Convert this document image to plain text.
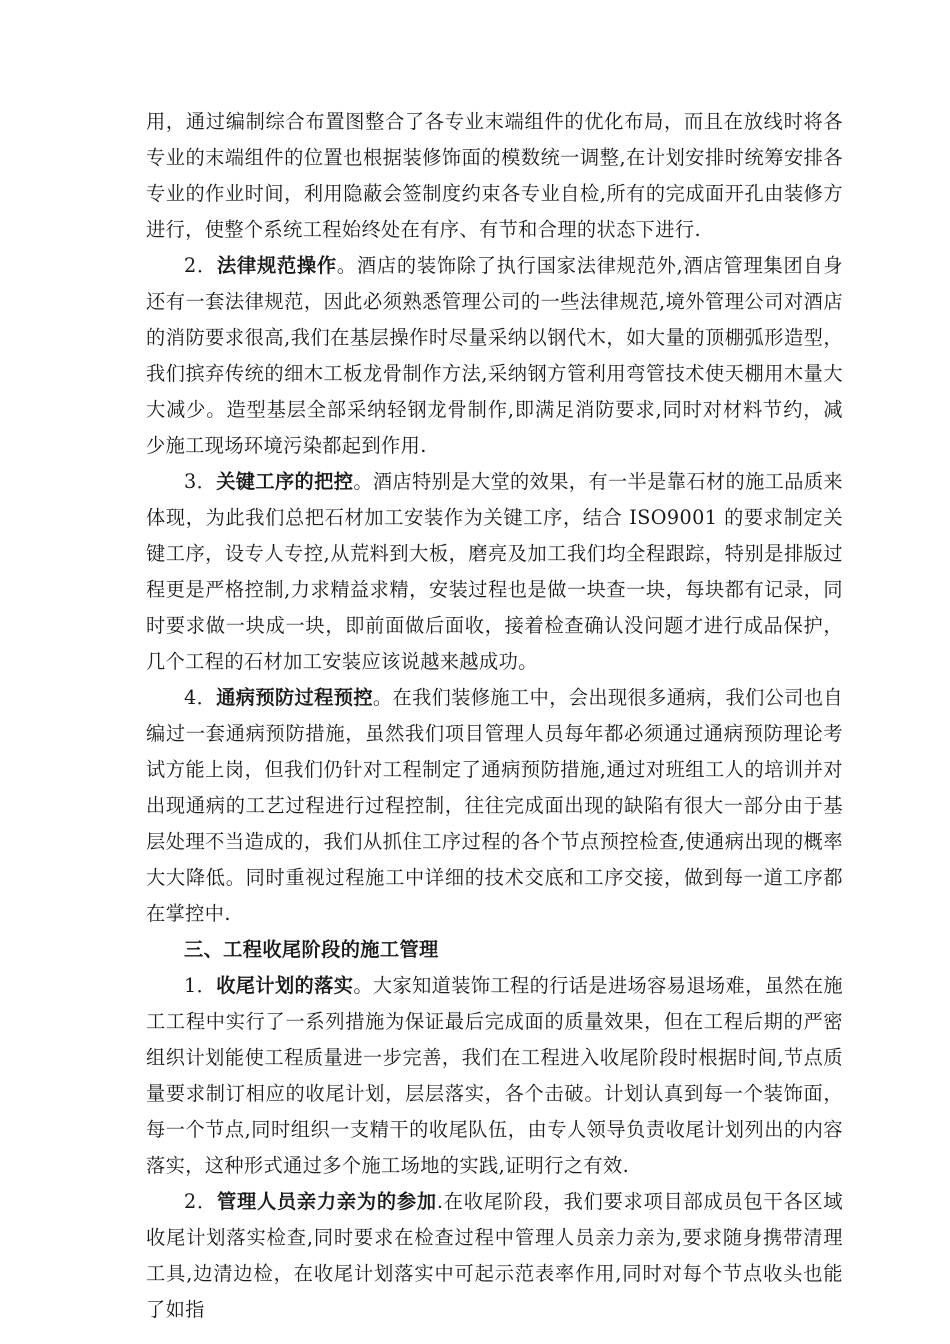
用，通过编制综合布置图整合了各专业末端组件的优化布局，而且在放线时将各专业的末端组件的位置也根据装修饰面的模数统一调整,在计划安排时统筹安排各专业的作业时间，利用隐蔽会签制度约束各专业自检,所有的完成面开孔由装修方进行，使整个系统工程始终处在有序、有节和合理的状态下进行.

2．法律规范操作。酒店的装饰除了执行国家法律规范外,酒店管理集团自身还有一套法律规范，因此必须熟悉管理公司的一些法律规范,境外管理公司对酒店的消防要求很高,我们在基层操作时尽量采纳以钢代木，如大量的顶棚弧形造型，我们摈弃传统的细木工板龙骨制作方法,采纳钢方管利用弯管技术使天棚用木量大大减少。造型基层全部采纳轻钢龙骨制作,即满足消防要求,同时对材料节约，减少施工现场环境污染都起到作用.

3．关键工序的把控。酒店特别是大堂的效果，有一半是靠石材的施工品质来体现，为此我们总把石材加工安装作为关键工序，结合 ISO9001 的要求制定关键工序，设专人专控,从荒料到大板，磨亮及加工我们均全程跟踪，特别是排版过程更是严格控制,力求精益求精，安装过程也是做一块查一块，每块都有记录，同时要求做一块成一块，即前面做后面收，接着检查确认没问题才进行成品保护，几个工程的石材加工安装应该说越来越成功。

4．通病预防过程预控。在我们装修施工中，会出现很多通病，我们公司也自编过一套通病预防措施，虽然我们项目管理人员每年都必须通过通病预防理论考试方能上岗，但我们仍针对工程制定了通病预防措施,通过对班组工人的培训并对出现通病的工艺过程进行过程控制，往往完成面出现的缺陷有很大一部分由于基层处理不当造成的，我们从抓住工序过程的各个节点预控检查,使通病出现的概率大大降低。同时重视过程施工中详细的技术交底和工序交接，做到每一道工序都在掌控中.

三、工程收尾阶段的施工管理

1．收尾计划的落实。大家知道装饰工程的行话是进场容易退场难，虽然在施工工程中实行了一系列措施为保证最后完成面的质量效果，但在工程后期的严密组织计划能使工程质量进一步完善，我们在工程进入收尾阶段时根据时间,节点质量要求制订相应的收尾计划，层层落实，各个击破。计划认真到每一个装饰面，每一个节点,同时组织一支精干的收尾队伍，由专人领导负责收尾计划列出的内容落实，这种形式通过多个施工场地的实践,证明行之有效.

2．管理人员亲力亲为的参加.在收尾阶段，我们要求项目部成员包干各区域收尾计划落实检查,同时要求在检查过程中管理人员亲力亲为,要求随身携带清理工具,边清边检，在收尾计划落实中可起示范表率作用,同时对每个节点收头也能了如指
